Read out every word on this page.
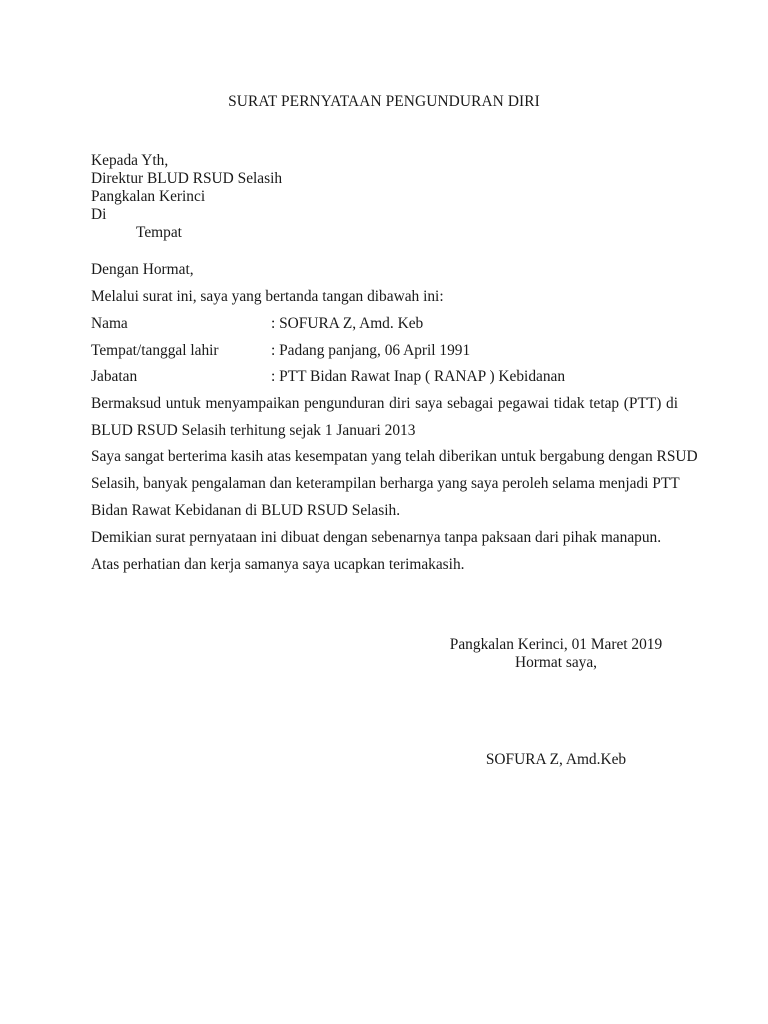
SURAT PERNYATAAN PENGUNDURAN DIRI
Kepada Yth,
Direktur BLUD RSUD Selasih
Pangkalan Kerinci
Di
Tempat
Dengan Hormat,
Melalui surat ini, saya yang bertanda tangan dibawah ini:
Nama	: SOFURA Z, Amd. Keb
Tempat/tanggal lahir	: Padang panjang, 06 April 1991
Jabatan	: PTT Bidan Rawat Inap ( RANAP ) Kebidanan
Bermaksud untuk menyampaikan pengunduran diri saya sebagai pegawai tidak tetap (PTT) di
BLUD RSUD Selasih terhitung sejak 1 Januari 2013
Saya sangat berterima kasih atas kesempatan yang telah diberikan untuk bergabung dengan RSUD
Selasih, banyak pengalaman dan keterampilan berharga yang saya peroleh selama menjadi PTT
Bidan Rawat Kebidanan di BLUD RSUD Selasih.
Demikian surat pernyataan ini dibuat dengan sebenarnya tanpa paksaan dari pihak manapun.
Atas perhatian dan kerja samanya saya ucapkan terimakasih.
Pangkalan Kerinci, 01 Maret 2019
Hormat saya,
SOFURA Z, Amd.Keb
